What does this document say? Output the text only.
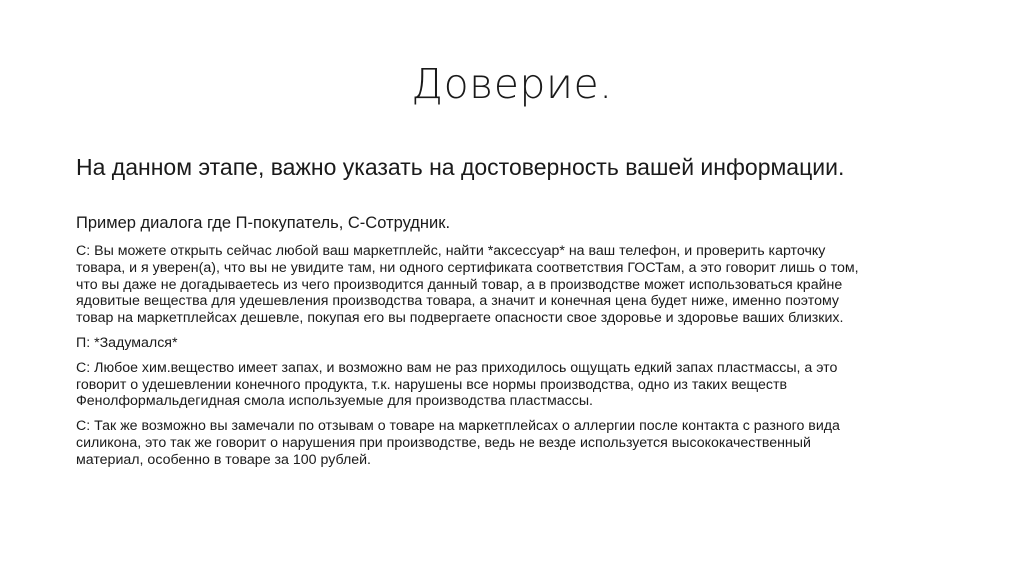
Доверие.
На данном этапе, важно указать на достоверность вашей информации.
Пример диалога где П-покупатель, С-Сотрудник.
С: Вы можете открыть сейчас любой ваш маркетплейс, найти *аксессуар* на ваш телефон, и проверить карточку
товара, и я уверен(а), что вы не увидите там, ни одного сертификата соответствия ГОСТам, а это говорит лишь о том,
что вы даже не догадываетесь из чего производится данный товар, а в производстве может использоваться крайне
ядовитые вещества для удешевления производства товара, а значит и конечная цена будет ниже, именно поэтому
товар на маркетплейсах дешевле, покупая его вы подвергаете опасности свое здоровье и здоровье ваших близких.
П: *Задумался*
С: Любое хим.вещество имеет запах, и возможно вам не раз приходилось ощущать едкий запах пластмассы, а это
говорит о удешевлении конечного продукта, т.к. нарушены все нормы производства, одно из таких веществ
Фенолформальдегидная смола используемые для производства пластмассы.
С: Так же возможно вы замечали по отзывам о товаре на маркетплейсах о аллергии после контакта с разного вида
силикона, это так же говорит о нарушения при производстве, ведь не везде используется высококачественный
материал, особенно в товаре за 100 рублей.
